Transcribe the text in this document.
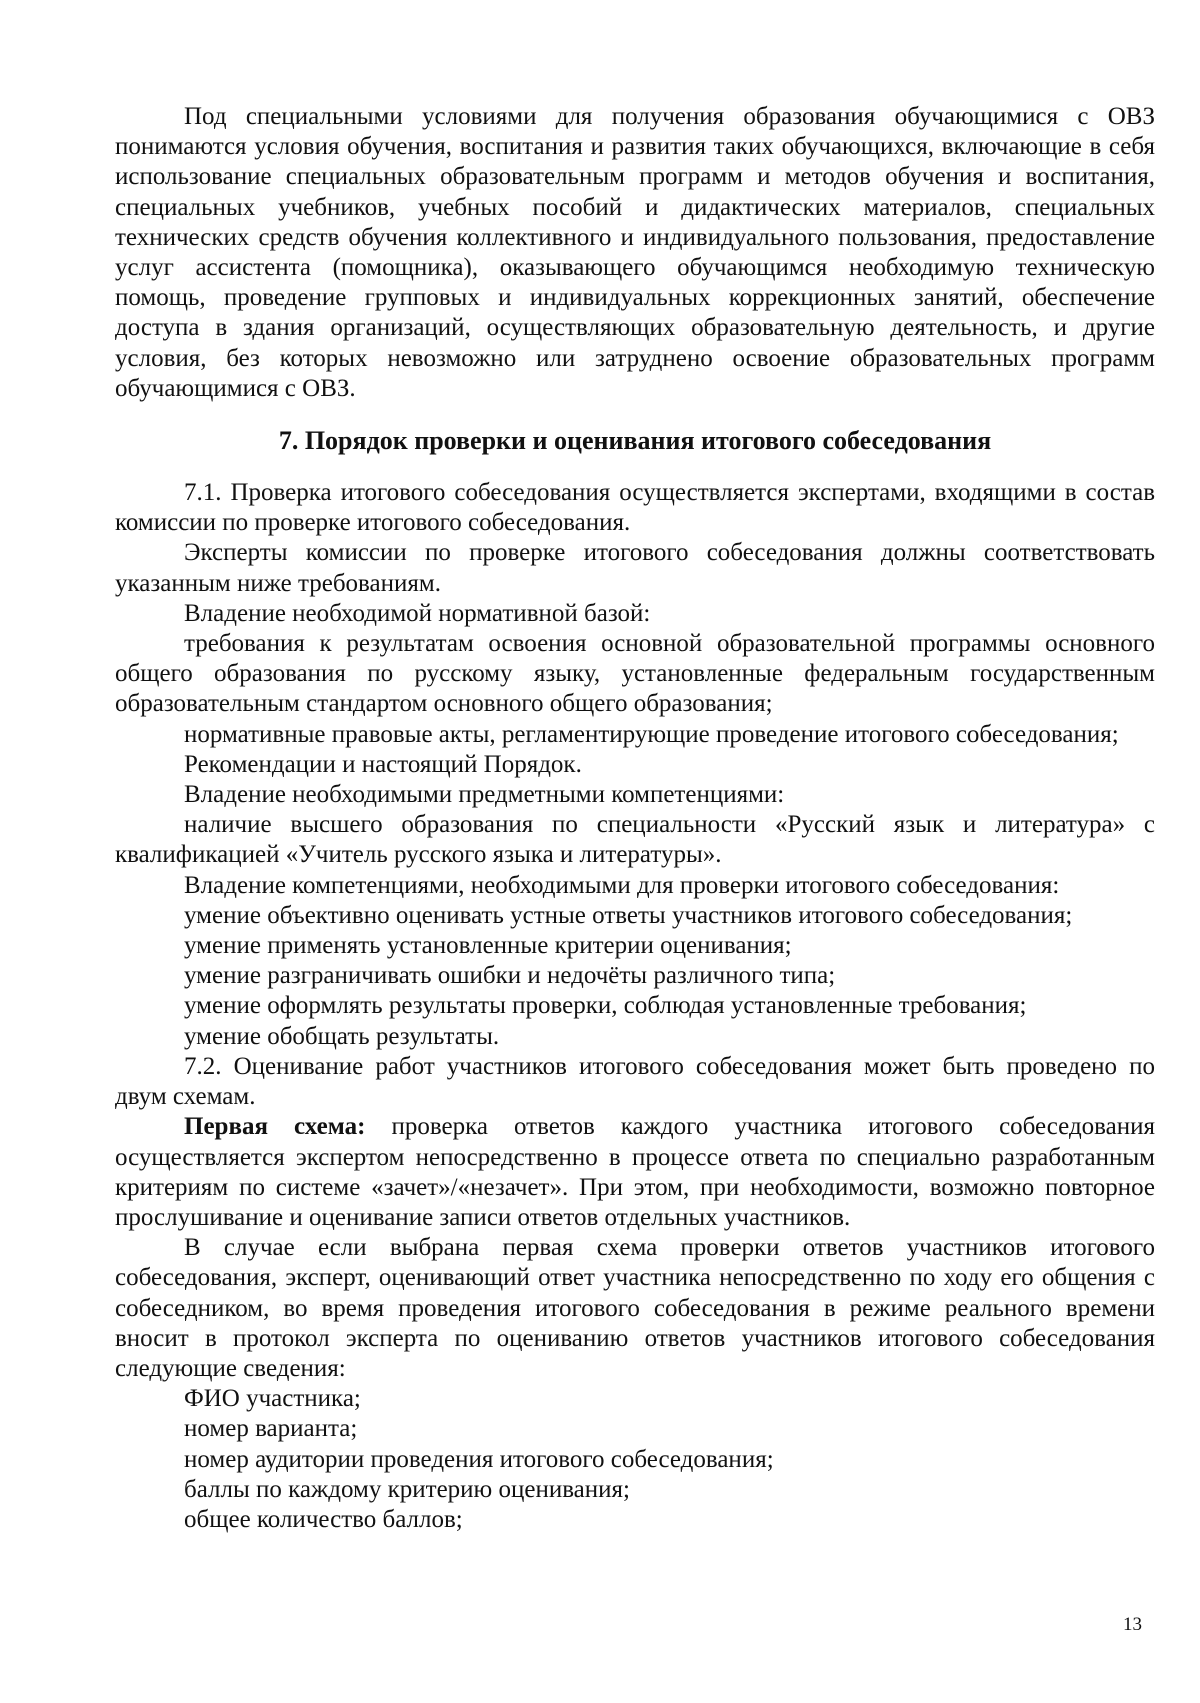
Под специальными условиями для получения образования обучающимися с ОВЗ понимаются условия обучения, воспитания и развития таких обучающихся, включающие в себя использование специальных образовательным программ и методов обучения и воспитания, специальных учебников, учебных пособий и дидактических материалов, специальных технических средств обучения коллективного и индивидуального пользования, предоставление услуг ассистента (помощника), оказывающего обучающимся необходимую техническую помощь, проведение групповых и индивидуальных коррекционных занятий, обеспечение доступа в здания организаций, осуществляющих образовательную деятельность, и другие условия, без которых невозможно или затруднено освоение образовательных программ обучающимися с ОВЗ.

7. Порядок проверки и оценивания итогового собеседования

7.1. Проверка итогового собеседования осуществляется экспертами, входящими в состав комиссии по проверке итогового собеседования.

Эксперты комиссии по проверке итогового собеседования должны соответствовать указанным ниже требованиям.

Владение необходимой нормативной базой:

требования к результатам освоения основной образовательной программы основного общего образования по русскому языку, установленные федеральным государственным образовательным стандартом основного общего образования;

нормативные правовые акты, регламентирующие проведение итогового собеседования;

Рекомендации и настоящий Порядок.

Владение необходимыми предметными компетенциями:

наличие высшего образования по специальности «Русский язык и литература» с квалификацией «Учитель русского языка и литературы».

Владение компетенциями, необходимыми для проверки итогового собеседования:

умение объективно оценивать устные ответы участников итогового собеседования;

умение применять установленные критерии оценивания;

умение разграничивать ошибки и недочёты различного типа;

умение оформлять результаты проверки, соблюдая установленные требования;

умение обобщать результаты.

7.2. Оценивание работ участников итогового собеседования может быть проведено по двум схемам.

Первая схема: проверка ответов каждого участника итогового собеседования осуществляется экспертом непосредственно в процессе ответа по специально разработанным критериям по системе «зачет»/«незачет». При этом, при необходимости, возможно повторное прослушивание и оценивание записи ответов отдельных участников.

В случае если выбрана первая схема проверки ответов участников итогового собеседования, эксперт, оценивающий ответ участника непосредственно по ходу его общения с собеседником, во время проведения итогового собеседования в режиме реального времени вносит в протокол эксперта по оцениванию ответов участников итогового собеседования следующие сведения:

ФИО участника;

номер варианта;

номер аудитории проведения итогового собеседования;

баллы по каждому критерию оценивания;

общее количество баллов;

13
